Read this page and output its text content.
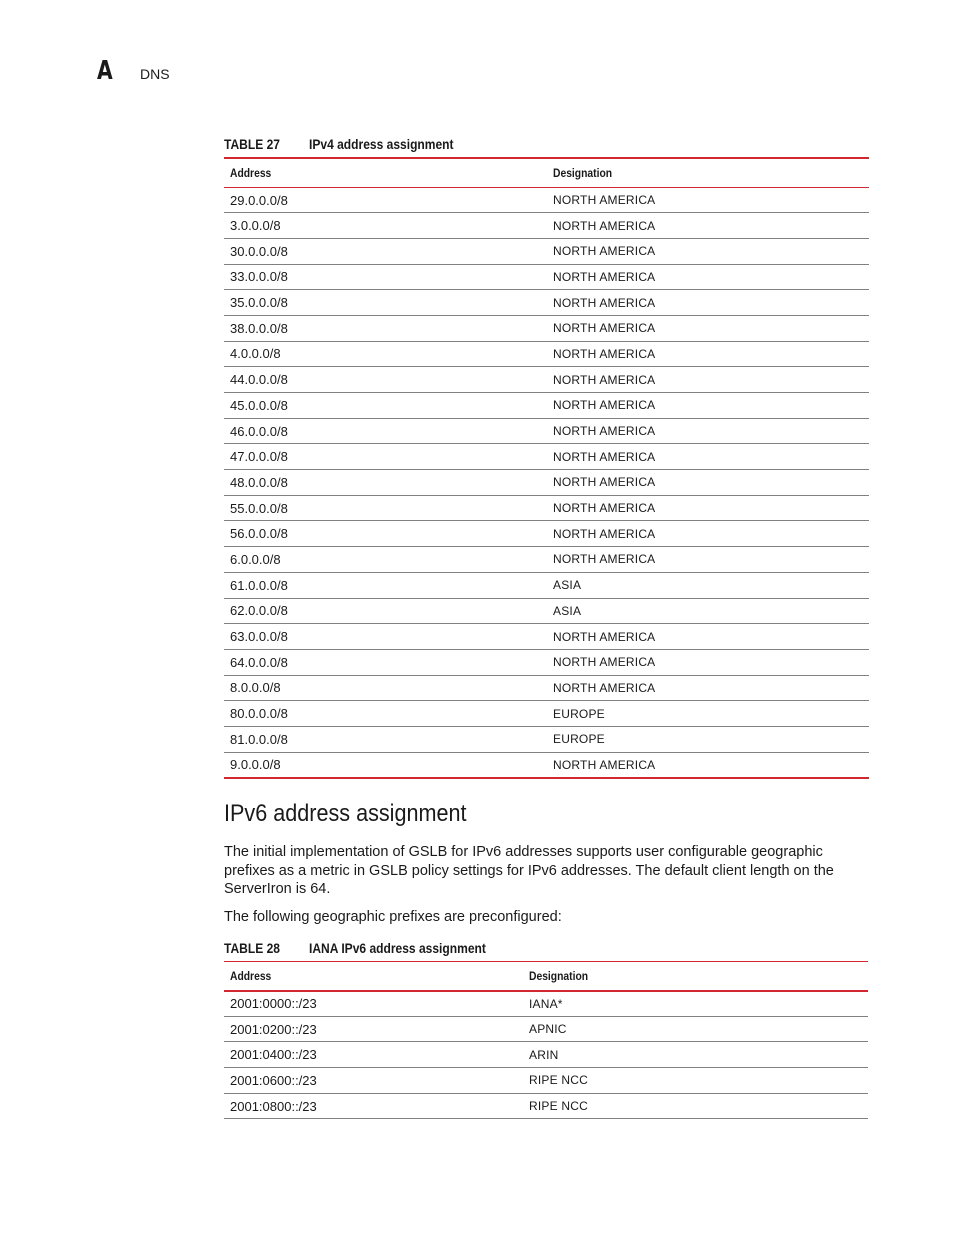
A DNS
TABLE 27 IPv4 address assignment
Address	Designation
29.0.0.0/8	NORTH AMERICA
3.0.0.0/8	NORTH AMERICA
30.0.0.0/8	NORTH AMERICA
33.0.0.0/8	NORTH AMERICA
35.0.0.0/8	NORTH AMERICA
38.0.0.0/8	NORTH AMERICA
4.0.0.0/8	NORTH AMERICA
44.0.0.0/8	NORTH AMERICA
45.0.0.0/8	NORTH AMERICA
46.0.0.0/8	NORTH AMERICA
47.0.0.0/8	NORTH AMERICA
48.0.0.0/8	NORTH AMERICA
55.0.0.0/8	NORTH AMERICA
56.0.0.0/8	NORTH AMERICA
6.0.0.0/8	NORTH AMERICA
61.0.0.0/8	ASIA
62.0.0.0/8	ASIA
63.0.0.0/8	NORTH AMERICA
64.0.0.0/8	NORTH AMERICA
8.0.0.0/8	NORTH AMERICA
80.0.0.0/8	EUROPE
81.0.0.0/8	EUROPE
9.0.0.0/8	NORTH AMERICA
IPv6 address assignment
The initial implementation of GSLB for IPv6 addresses supports user configurable geographic prefixes as a metric in GSLB policy settings for IPv6 addresses. The default client length on the ServerIron is 64.
The following geographic prefixes are preconfigured:
TABLE 28 IANA IPv6 address assignment
Address	Designation
2001:0000::/23	IANA*
2001:0200::/23	APNIC
2001:0400::/23	ARIN
2001:0600::/23	RIPE NCC
2001:0800::/23	RIPE NCC
